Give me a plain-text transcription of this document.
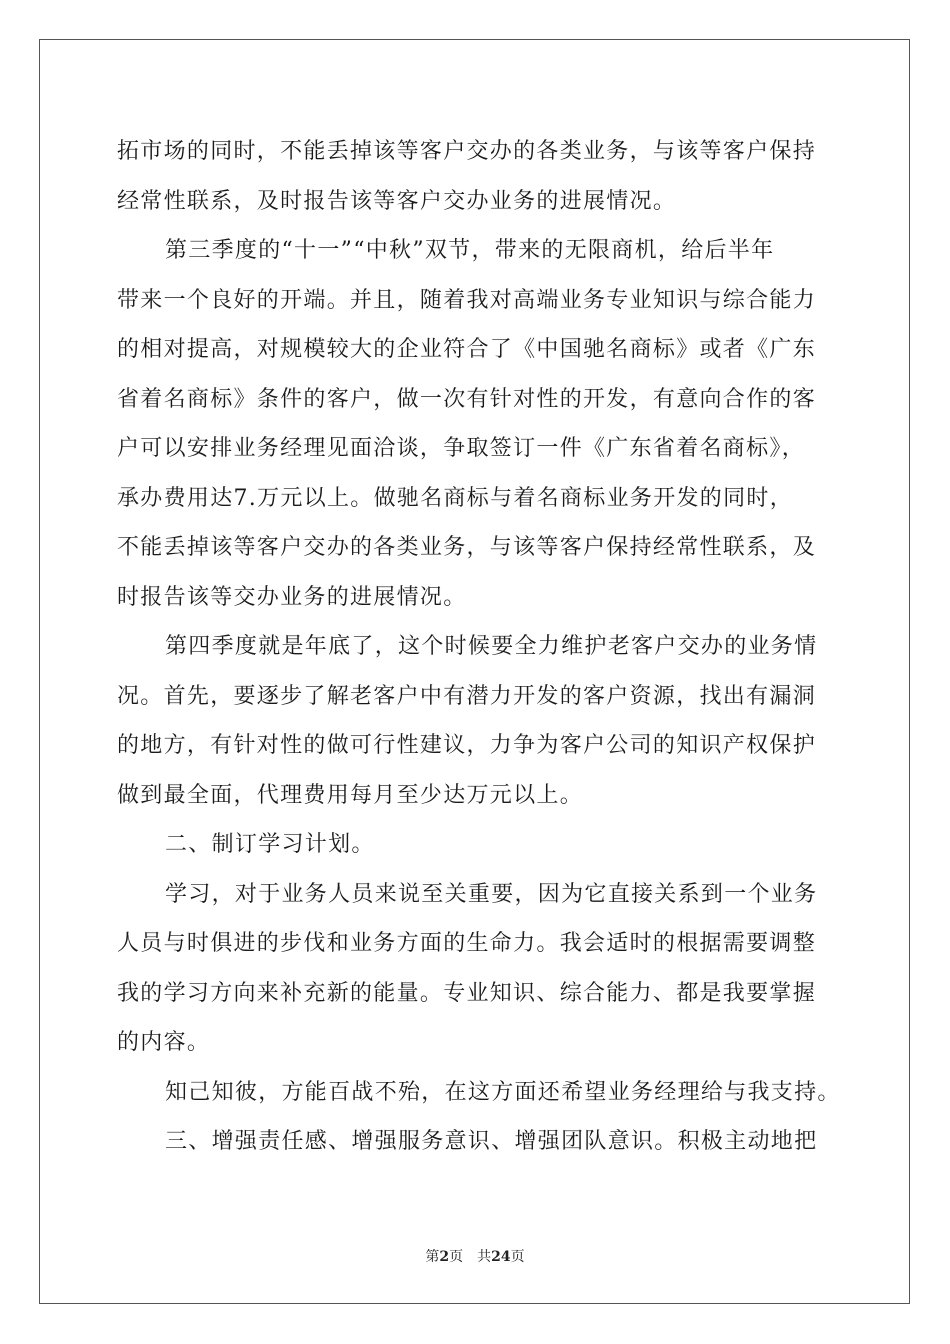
拓市场的同时，不能丢掉该等客户交办的各类业务，与该等客户保持
经常性联系，及时报告该等客户交办业务的进展情况。
第三季度的“十一”“中秋”双节，带来的无限商机，给后半年
带来一个良好的开端。并且，随着我对高端业务专业知识与综合能力
的相对提高，对规模较大的企业符合了《中国驰名商标》或者《广东
省着名商标》条件的客户，做一次有针对性的开发，有意向合作的客
户可以安排业务经理见面洽谈，争取签订一件《广东省着名商标》，
承办费用达7.万元以上。做驰名商标与着名商标业务开发的同时，
不能丢掉该等客户交办的各类业务，与该等客户保持经常性联系，及
时报告该等交办业务的进展情况。
第四季度就是年底了，这个时候要全力维护老客户交办的业务情
况。首先，要逐步了解老客户中有潜力开发的客户资源，找出有漏洞
的地方，有针对性的做可行性建议，力争为客户公司的知识产权保护
做到最全面，代理费用每月至少达万元以上。
二、制订学习计划。
学习，对于业务人员来说至关重要，因为它直接关系到一个业务
人员与时俱进的步伐和业务方面的生命力。我会适时的根据需要调整
我的学习方向来补充新的能量。专业知识、综合能力、都是我要掌握
的内容。
知己知彼，方能百战不殆，在这方面还希望业务经理给与我支持。
三、增强责任感、增强服务意识、增强团队意识。积极主动地把
第2页 共24页
